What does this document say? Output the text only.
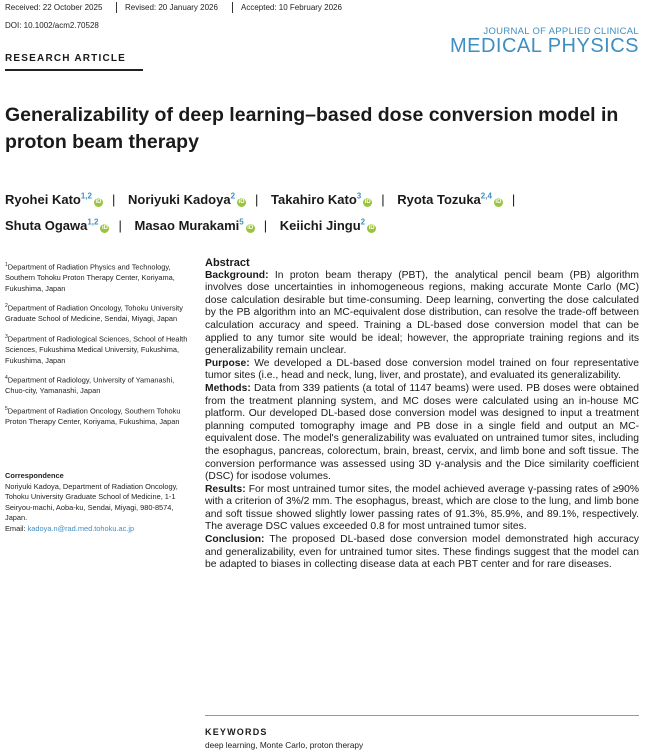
Received: 22 October 2025	Revised: 20 January 2026	Accepted: 10 February 2026
DOI: 10.1002/acm2.70528
JOURNAL OF APPLIED CLINICAL
MEDICAL PHYSICS
RESEARCH ARTICLE
Generalizability of deep learning–based dose conversion model in proton beam therapy
Ryohei Kato$^{1,2}$iD | Noriyuki Kadoya$^2$iD | Takahiro Kato$^3$iD | Ryota Tozuka$^{2,4}$iD |
Shuta Ogawa$^{1,2}$iD | Masao Murakami$^5$iD | Keiichi Jingu$^2$iD

$^1$Department of Radiation Physics and Technology, Southern Tohoku Proton Therapy Center, Koriyama, Fukushima, Japan

$^2$Department of Radiation Oncology, Tohoku University Graduate School of Medicine, Sendai, Miyagi, Japan

$^3$Department of Radiological Sciences, School of Health Sciences, Fukushima Medical University, Fukushima, Fukushima, Japan

$^4$Department of Radiology, University of Yamanashi, Chuo-city, Yamanashi, Japan

$^5$Department of Radiation Oncology, Southern Tohoku Proton Therapy Center, Koriyama, Fukushima, Japan

Correspondence
Noriyuki Kadoya, Department of Radiation Oncology, Tohoku University Graduate School of Medicine, 1-1 Seiryou-machi, Aoba-ku, Sendai, Miyagi, 980-8574, Japan.
Email: kadoya.n@rad.med.tohoku.ac.jp
Abstract

Background: In proton beam therapy (PBT), the analytical pencil beam (PB) algorithm involves dose uncertainties in inhomogeneous regions, making accurate Monte Carlo (MC) dose calculation desirable but time-consuming. Deep learning, converting the dose calculated by the PB algorithm into an MC-equivalent dose distribution, can resolve the trade-off between calculation accuracy and speed. Training a DL-based dose conversion model that can be applied to any tumor site would be ideal; however, the appropriate training regions and its generalizability remain unclear.

Purpose: We developed a DL-based dose conversion model trained on four representative tumor sites (i.e., head and neck, lung, liver, and prostate), and evaluated its generalizability.

Methods: Data from 339 patients (a total of 1147 beams) were used. PB doses were obtained from the treatment planning system, and MC doses were calculated using an in-house MC platform. Our developed DL-based dose conversion model was designed to input a treatment planning computed tomography image and PB dose in a single field and output an MC-equivalent dose. The model's generalizability was evaluated on untrained tumor sites, including the esophagus, pancreas, colorectum, brain, breast, cervix, and limb bone and soft tissue. The conversion performance was assessed using 3D γ-analysis and the Dice similarity coefficient (DSC) for isodose volumes.

Results: For most untrained tumor sites, the model achieved average γ-passing rates of ≥90% with a criterion of 3%/2 mm. The esophagus, breast, which are close to the lung, and limb bone and soft tissue showed slightly lower passing rates of 91.3%, 85.9%, and 89.1%, respectively. The average DSC values exceeded 0.8 for most untrained tumor sites.

Conclusion: The proposed DL-based dose conversion model demonstrated high accuracy and generalizability, even for untrained tumor sites. These findings suggest that the model can be adapted to biases in collecting disease data at each PBT center and for rare diseases.

KEYWORDS
deep learning, Monte Carlo, proton therapy
